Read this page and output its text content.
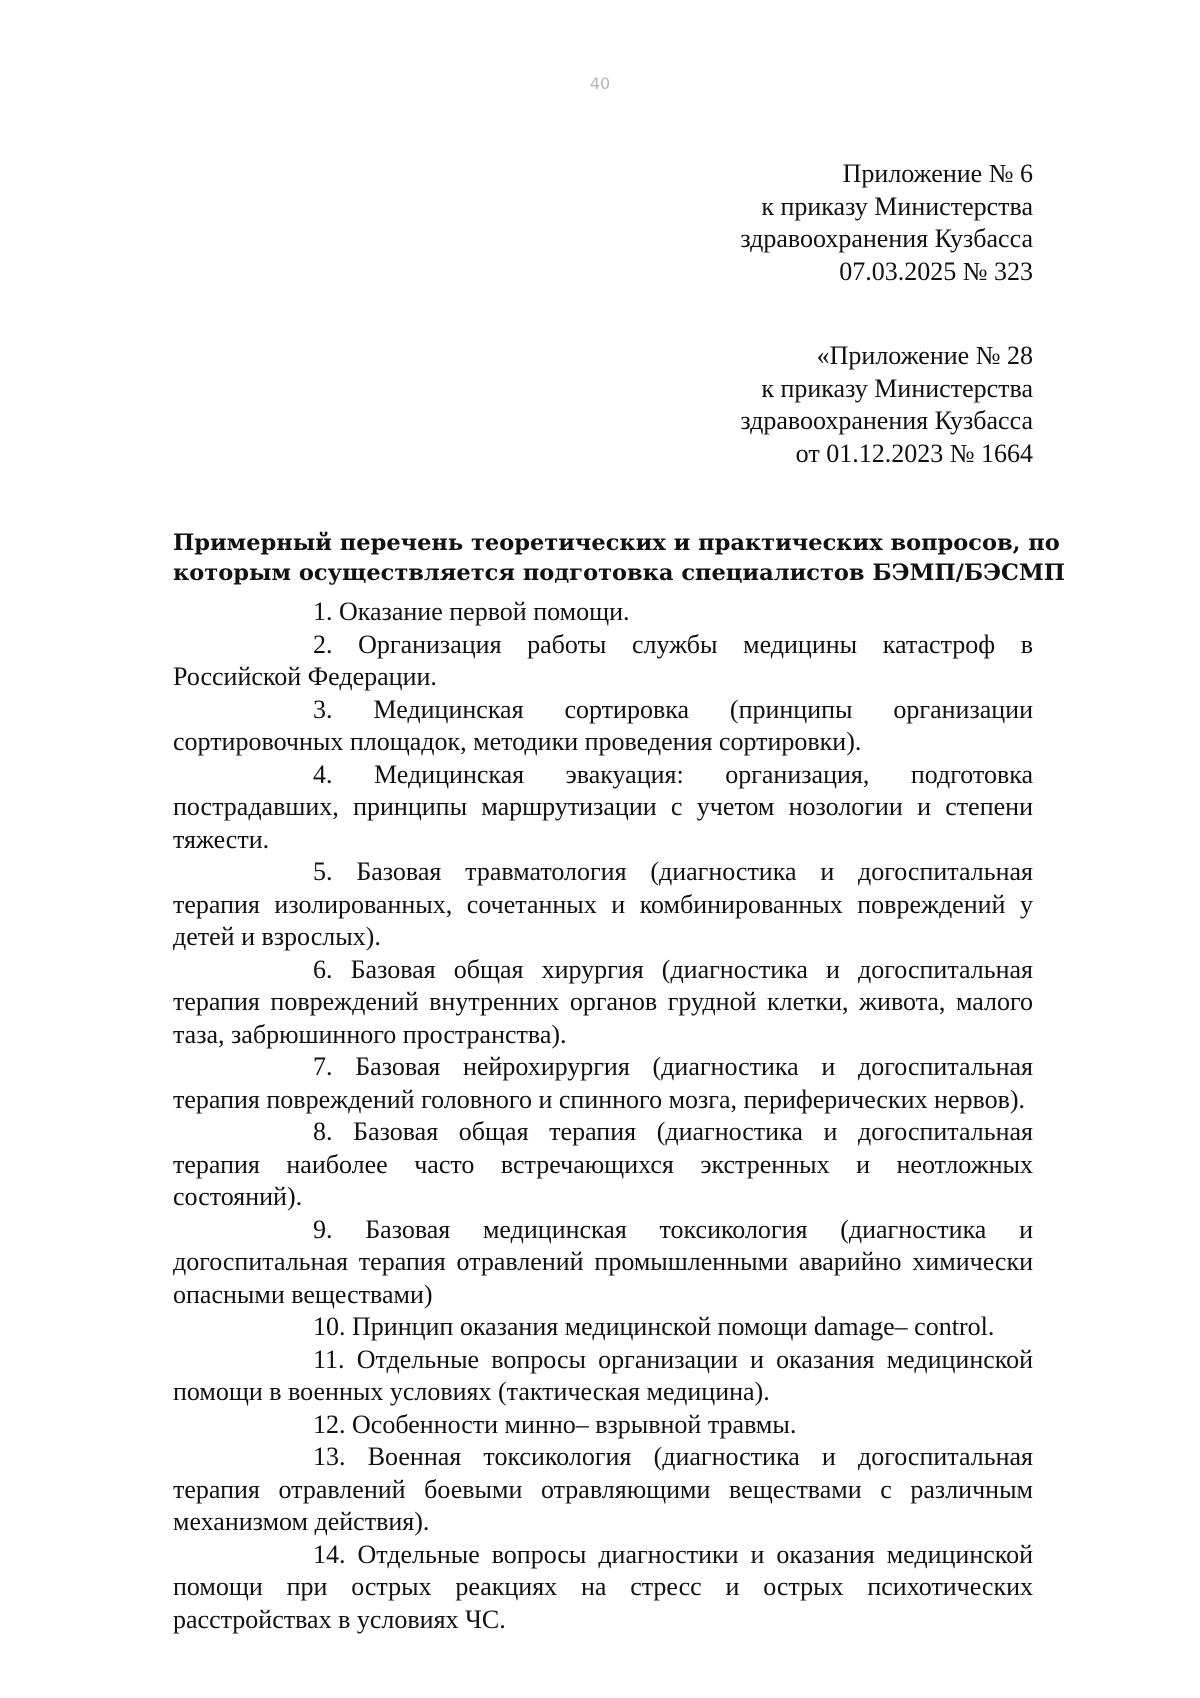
40
Приложение № 6
к приказу Министерства
здравоохранения Кузбасса
07.03.2025 № 323
«Приложение № 28
к приказу Министерства
здравоохранения Кузбасса
от 01.12.2023 № 1664
Примерный перечень теоретических и практических вопросов, по
которым осуществляется подготовка специалистов БЭМП/БЭСМП

1. Оказание первой помощи.

2. Организация работы службы медицины катастроф в Российской Федерации.

3. Медицинская сортировка (принципы организации сортировочных площадок, методики проведения сортировки).

4. Медицинская эвакуация: организация, подготовка пострадавших, принципы маршрутизации с учетом нозологии и степени тяжести.

5. Базовая травматология (диагностика и догоспитальная терапия изолированных, сочетанных и комбинированных повреждений у детей и взрослых).

6. Базовая общая хирургия (диагностика и догоспитальная терапия повреждений внутренних органов грудной клетки, живота, малого таза, забрюшинного пространства).

7. Базовая нейрохирургия (диагностика и догоспитальная терапия повреждений головного и спинного мозга, периферических нервов).

8. Базовая общая терапия (диагностика и догоспитальная терапия наиболее часто встречающихся экстренных и неотложных состояний).

9. Базовая медицинская токсикология (диагностика и догоспитальная терапия отравлений промышленными аварийно химически опасными веществами)

10. Принцип оказания медицинской помощи damage– control.

11. Отдельные вопросы организации и оказания медицинской помощи в военных условиях (тактическая медицина).

12. Особенности минно– взрывной травмы.

13. Военная токсикология (диагностика и догоспитальная терапия отравлений боевыми отравляющими веществами с различным механизмом действия).

14. Отдельные вопросы диагностики и оказания медицинской помощи при острых реакциях на стресс и острых психотических расстройствах в условиях ЧС.
